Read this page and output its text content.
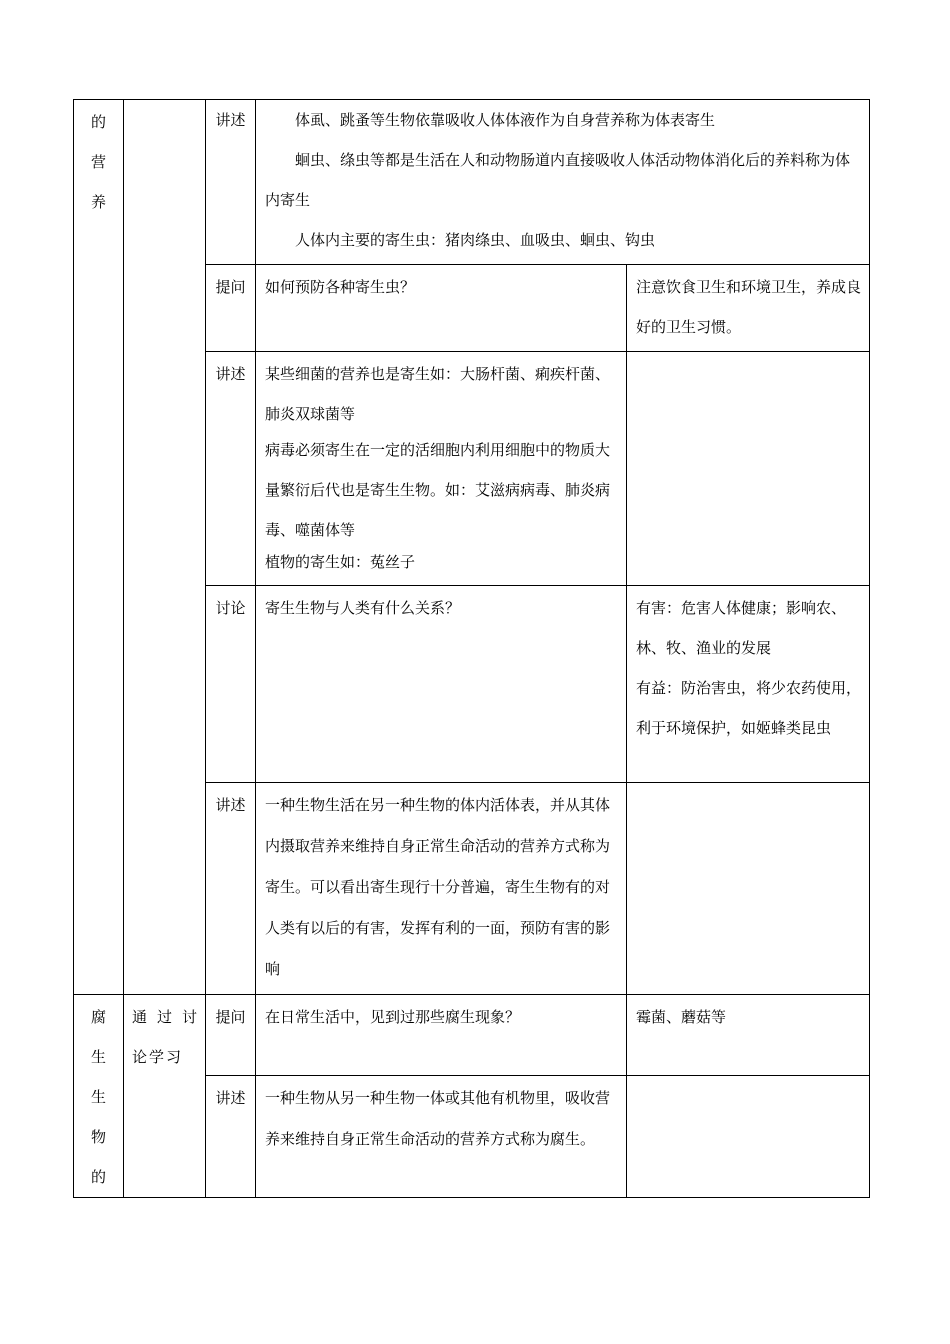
的
营
养		讲述	体虱、跳蚤等生物依靠吸收人体体液作为自身营养称为体表寄生
蛔虫、绦虫等都是生活在人和动物肠道内直接吸收人体活动物体消化后的养料称为体内寄生
人体内主要的寄生虫：猪肉绦虫、血吸虫、蛔虫、钩虫	

		提问	如何预防各种寄生虫？	注意饮食卫生和环境卫生，养成良好的卫生习惯。

		讲述	某些细菌的营养也是寄生如：大肠杆菌、痢疾杆菌、肺炎双球菌等
病毒必须寄生在一定的活细胞内利用细胞中的物质大量繁衍后代也是寄生生物。如：艾滋病病毒、肺炎病毒、噬菌体等
植物的寄生如：菟丝子	

		讨论	寄生生物与人类有什么关系？	有害：危害人体健康；影响农、林、牧、渔业的发展
有益：防治害虫，将少农药使用，利于环境保护，如姬蜂类昆虫

		讲述	一种生物生活在另一种生物的体内活体表，并从其体内摄取营养来维持自身正常生命活动的营养方式称为寄生。可以看出寄生现行十分普遍，寄生生物有的对人类有以后的有害，发挥有利的一面，预防有害的影响	

腐
生
生
物
的	通过讨论学习	提问	在日常生活中，见到过那些腐生现象？	霉菌、蘑菇等

		讲述	一种生物从另一种生物一体或其他有机物里，吸收营养来维持自身正常生命活动的营养方式称为腐生。	
